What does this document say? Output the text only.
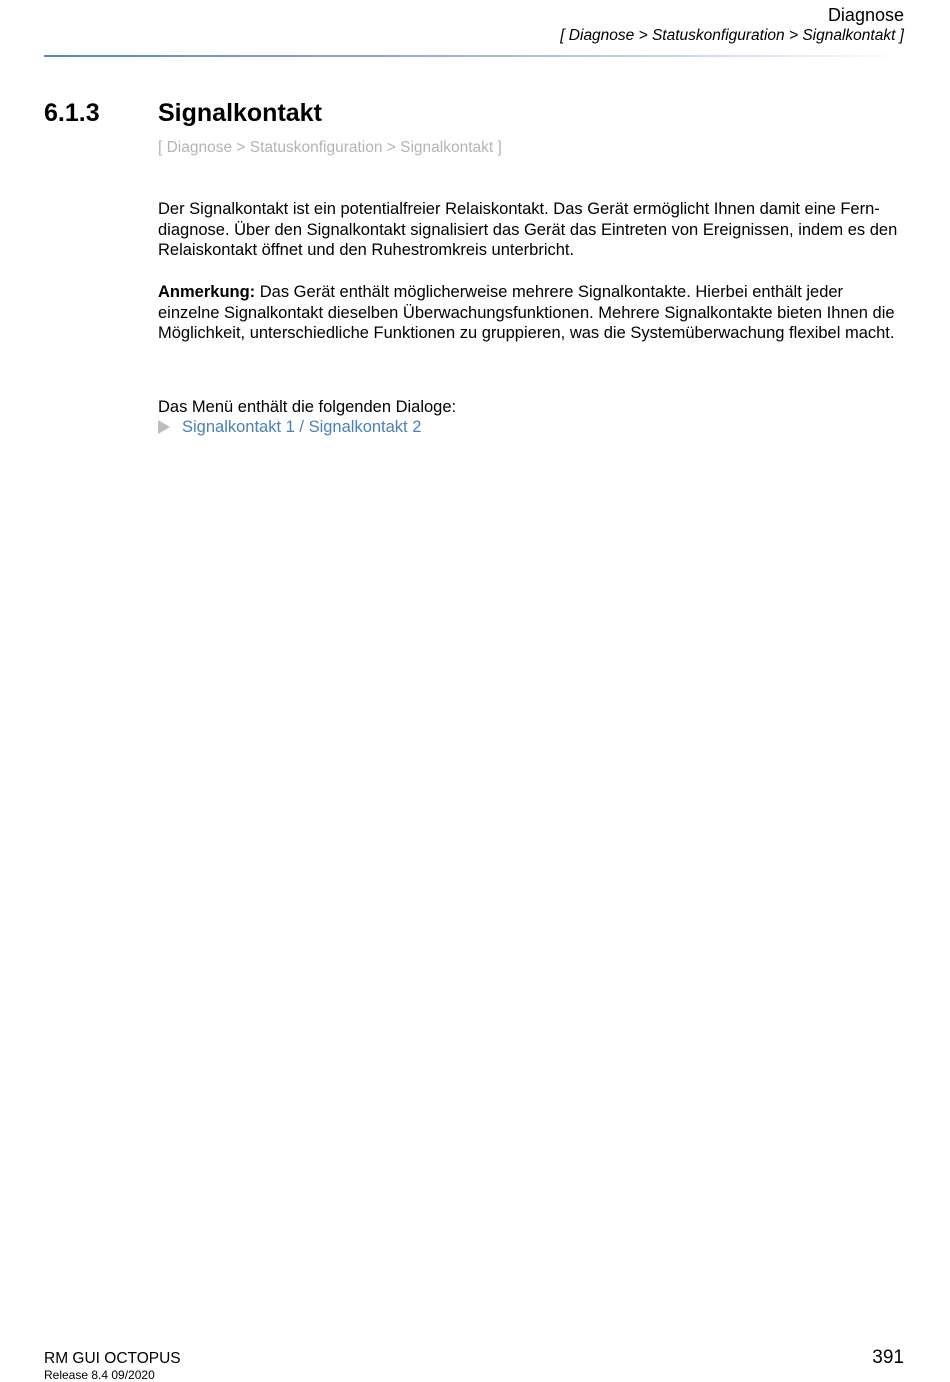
Diagnose
[ Diagnose > Statuskonfiguration > Signalkontakt ]
6.1.3 Signalkontakt
[ Diagnose > Statuskonfiguration > Signalkontakt ]

Der Signalkontakt ist ein potentialfreier Relaiskontakt. Das Gerät ermöglicht Ihnen damit eine Fern-diagnose. Über den Signalkontakt signalisiert das Gerät das Eintreten von Ereignissen, indem es den Relaiskontakt öffnet und den Ruhestromkreis unterbricht.

Anmerkung: Das Gerät enthält möglicherweise mehrere Signalkontakte. Hierbei enthält jeder einzelne Signalkontakt dieselben Überwachungsfunktionen. Mehrere Signalkontakte bieten Ihnen die Möglichkeit, unterschiedliche Funktionen zu gruppieren, was die Systemüberwachung flexibel macht.

Das Menü enthält die folgenden Dialoge:

Signalkontakt 1 / Signalkontakt 2
RM GUI OCTOPUS
Release 8.4 09/2020
391
